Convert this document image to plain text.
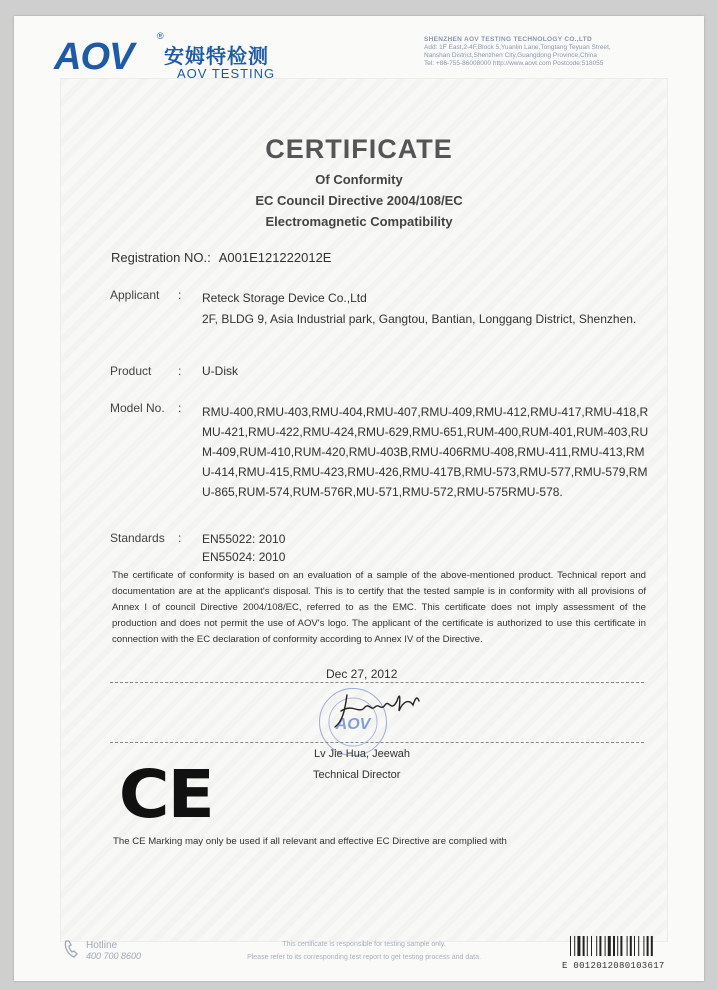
AOV	®
安姆特检测
AOV TESTING
SHENZHEN AOV TESTING TECHNOLOGY CO.,LTD
Add: 1F East,2-4F,Block 5,Yuanlin Lane,Tongtang Teyuan Street,
Nanshan District,Shenzhen City,Guangdong Province,China
Tel: +86-755-86008000 http://www.aovt.com Postcode:518055
CERTIFICATE
Of Conformity
EC Council Directive 2004/108/EC
Electromagnetic Compatibility
Registration NO.: A001E121222012E
Applicant : Reteck Storage Device Co.,Ltd
2F, BLDG 9, Asia Industrial park, Gangtou, Bantian, Longgang District, Shenzhen.
Product : U-Disk
Model No. : RMU-400,RMU-403,RMU-404,RMU-407,RMU-409,RMU-412,RMU-417,RMU-418,RMU-421,RMU-422,RMU-424,RMU-629,RMU-651,RUM-400,RUM-401,RUM-403,RUM-409,RUM-410,RUM-420,RMU-403B,RMU-406RMU-408,RMU-411,RMU-413,RMU-414,RMU-415,RMU-423,RMU-426,RMU-417B,RMU-573,RMU-577,RMU-579,RMU-865,RUM-574,RUM-576R,MU-571,RMU-572,RMU-575RMU-578.
Standards : EN55022: 2010
EN55024: 2010
The certificate of conformity is based on an evaluation of a sample of the above-mentioned product. Technical report and documentation are at the applicant's disposal. This is to certify that the tested sample is in conformity with all provisions of Annex I of council Directive 2004/108/EC, referred to as the EMC. This certificate does not imply assessment of the production and does not permit the use of AOV's logo. The applicant of the certificate is authorized to use this certificate in connection with the EC declaration of conformity according to Annex IV of the Directive.
Dec 27, 2012
AOV
Lv Jie Hua, Jeewah
Technical Director
CE
The CE Marking may only be used if all relevant and effective EC Directive are complied with
Hotline
400 700 8600
This certificate is responsible for testing sample only.
Please refer to its corresponding test report to get testing process and data.
E 0012012080103617
